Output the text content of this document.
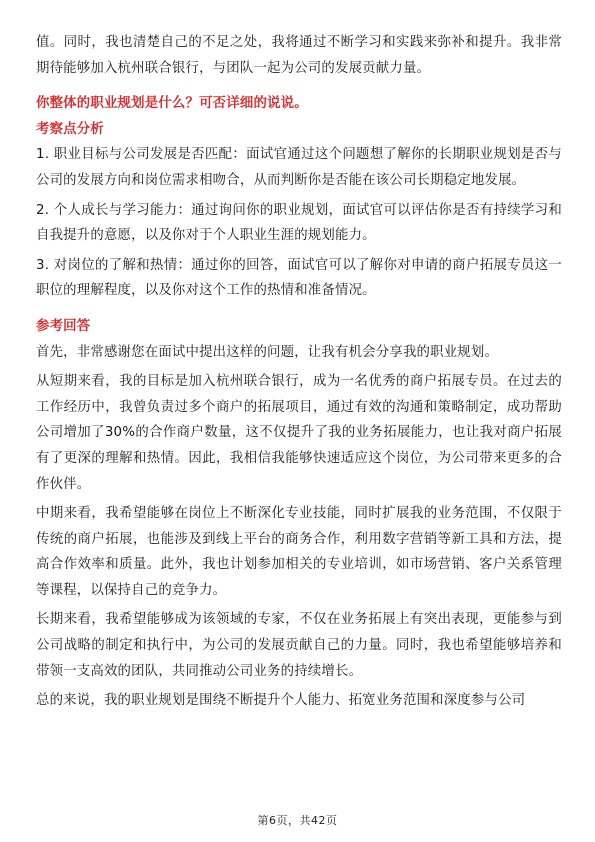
值。同时，我也清楚自己的不足之处，我将通过不断学习和实践来弥补和提升。我非常期待能够加入杭州联合银行，与团队一起为公司的发展贡献力量。

你整体的职业规划是什么？可否详细的说说。

考察点分析

1. 职业目标与公司发展是否匹配：面试官通过这个问题想了解你的长期职业规划是否与公司的发展方向和岗位需求相吻合，从而判断你是否能在该公司长期稳定地发展。

2. 个人成长与学习能力：通过询问你的职业规划，面试官可以评估你是否有持续学习和自我提升的意愿，以及你对于个人职业生涯的规划能力。

3. 对岗位的了解和热情：通过你的回答，面试官可以了解你对申请的商户拓展专员这一职位的理解程度，以及你对这个工作的热情和准备情况。

参考回答

首先，非常感谢您在面试中提出这样的问题，让我有机会分享我的职业规划。

从短期来看，我的目标是加入杭州联合银行，成为一名优秀的商户拓展专员。在过去的工作经历中，我曾负责过多个商户的拓展项目，通过有效的沟通和策略制定，成功帮助公司增加了30%的合作商户数量，这不仅提升了我的业务拓展能力，也让我对商户拓展有了更深的理解和热情。因此，我相信我能够快速适应这个岗位，为公司带来更多的合作伙伴。

中期来看，我希望能够在岗位上不断深化专业技能，同时扩展我的业务范围，不仅限于传统的商户拓展，也能涉及到线上平台的商务合作，利用数字营销等新工具和方法，提高合作效率和质量。此外，我也计划参加相关的专业培训，如市场营销、客户关系管理等课程，以保持自己的竞争力。

长期来看，我希望能够成为该领域的专家，不仅在业务拓展上有突出表现，更能参与到公司战略的制定和执行中，为公司的发展贡献自己的力量。同时，我也希望能够培养和带领一支高效的团队，共同推动公司业务的持续增长。

总的来说，我的职业规划是围绕不断提升个人能力、拓宽业务范围和深度参与公司

第6页，共42页
